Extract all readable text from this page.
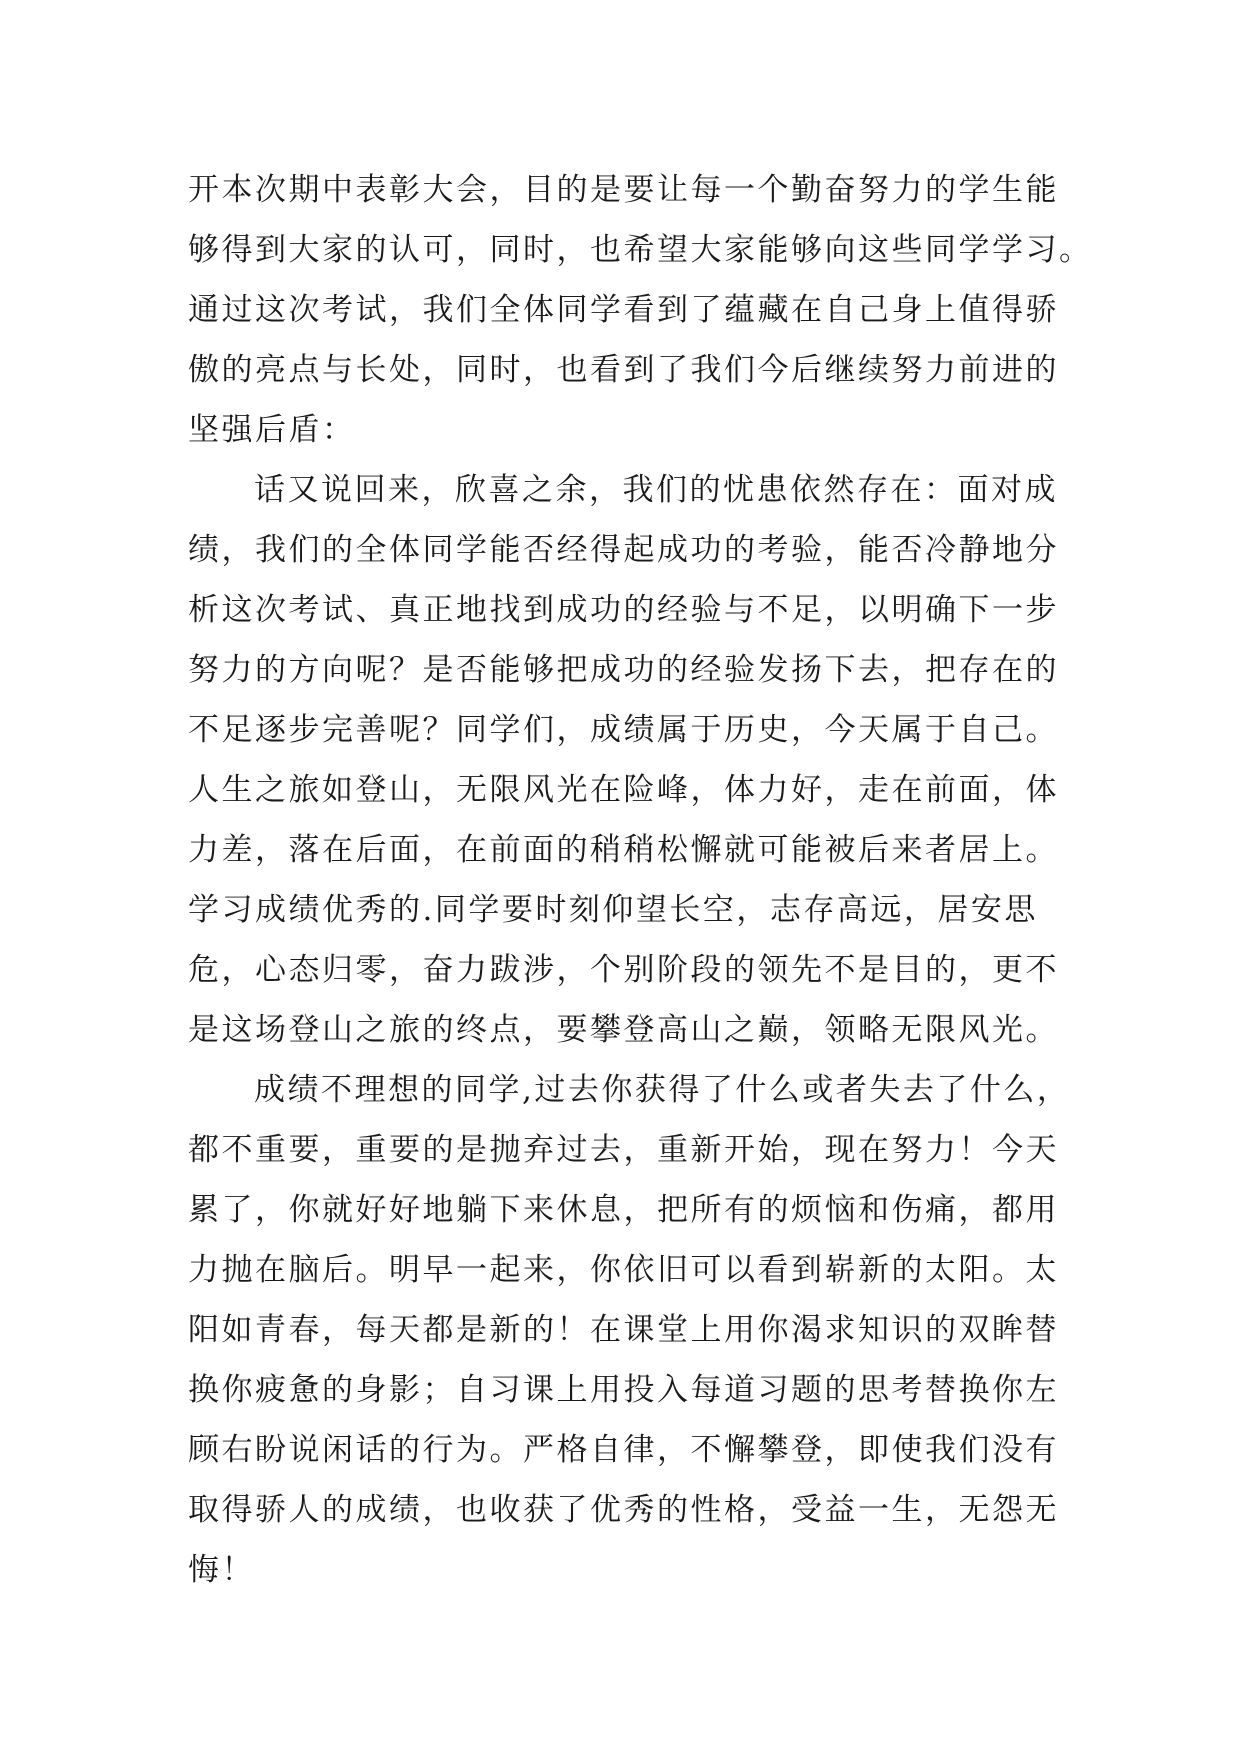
开本次期中表彰大会，目的是要让每一个勤奋努力的学生能
够得到大家的认可，同时，也希望大家能够向这些同学学习。
通过这次考试，我们全体同学看到了蕴藏在自己身上值得骄
傲的亮点与长处，同时，也看到了我们今后继续努力前进的
坚强后盾：
话又说回来，欣喜之余，我们的忧患依然存在：面对成
绩，我们的全体同学能否经得起成功的考验，能否冷静地分
析这次考试、真正地找到成功的经验与不足，以明确下一步
努力的方向呢？是否能够把成功的经验发扬下去，把存在的
不足逐步完善呢？同学们，成绩属于历史，今天属于自己。
人生之旅如登山，无限风光在险峰，体力好，走在前面，体
力差，落在后面，在前面的稍稍松懈就可能被后来者居上。
学习成绩优秀的.同学要时刻仰望长空，志存高远，居安思
危，心态归零，奋力跋涉，个别阶段的领先不是目的，更不
是这场登山之旅的终点，要攀登高山之巅，领略无限风光。
成绩不理想的同学,过去你获得了什么或者失去了什么，
都不重要，重要的是抛弃过去，重新开始，现在努力！今天
累了，你就好好地躺下来休息，把所有的烦恼和伤痛，都用
力抛在脑后。明早一起来，你依旧可以看到崭新的太阳。太
阳如青春，每天都是新的！在课堂上用你渴求知识的双眸替
换你疲惫的身影；自习课上用投入每道习题的思考替换你左
顾右盼说闲话的行为。严格自律，不懈攀登，即使我们没有
取得骄人的成绩，也收获了优秀的性格，受益一生，无怨无
悔！
